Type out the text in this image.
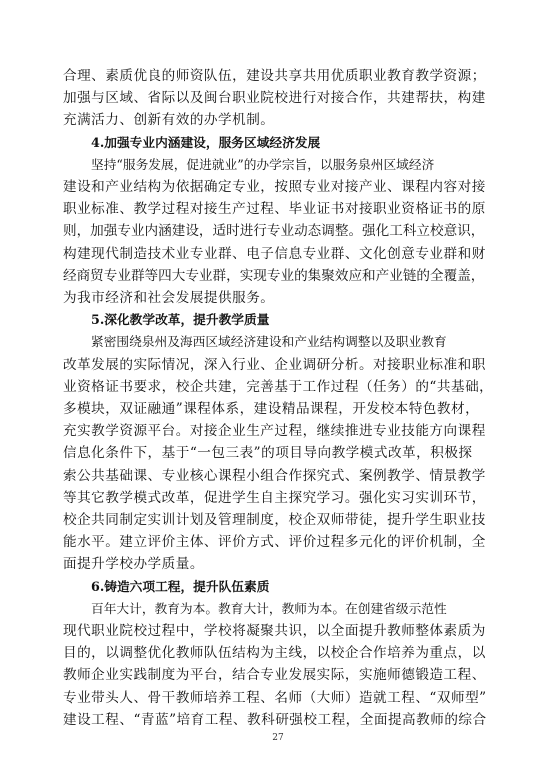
合理、素质优良的师资队伍，建设共享共用优质职业教育教学资源；
加强与区域、省际以及闽台职业院校进行对接合作，共建帮扶，构建
充满活力、创新有效的办学机制。
4.加强专业内涵建设，服务区域经济发展
坚持“服务发展，促进就业”的办学宗旨，以服务泉州区域经济
建设和产业结构为依据确定专业，按照专业对接产业、课程内容对接
职业标准、教学过程对接生产过程、毕业证书对接职业资格证书的原
则，加强专业内涵建设，适时进行专业动态调整。强化工科立校意识，
构建现代制造技术业专业群、电子信息专业群、文化创意专业群和财
经商贸专业群等四大专业群，实现专业的集聚效应和产业链的全覆盖，
为我市经济和社会发展提供服务。
5.深化教学改革，提升教学质量
紧密围绕泉州及海西区域经济建设和产业结构调整以及职业教育
改革发展的实际情况，深入行业、企业调研分析。对接职业标准和职
业资格证书要求，校企共建，完善基于工作过程（任务）的“共基础，
多模块，双证融通”课程体系，建设精品课程，开发校本特色教材，
充实教学资源平台。对接企业生产过程，继续推进专业技能方向课程
信息化条件下，基于“一包三表”的项目导向教学模式改革，积极探
索公共基础课、专业核心课程小组合作探究式、案例教学、情景教学
等其它教学模式改革，促进学生自主探究学习。强化实习实训环节，
校企共同制定实训计划及管理制度，校企双师带徒，提升学生职业技
能水平。建立评价主体、评价方式、评价过程多元化的评价机制，全
面提升学校办学质量。
6.铸造六项工程，提升队伍素质
百年大计，教育为本。教育大计，教师为本。在创建省级示范性
现代职业院校过程中，学校将凝聚共识，以全面提升教师整体素质为
目的，以调整优化教师队伍结构为主线，以校企合作培养为重点，以
教师企业实践制度为平台，结合专业发展实际，实施师德锻造工程、
专业带头人、骨干教师培养工程、名师（大师）造就工程、“双师型”
建设工程、“青蓝”培育工程、教科研强校工程，全面提高教师的综合
27
